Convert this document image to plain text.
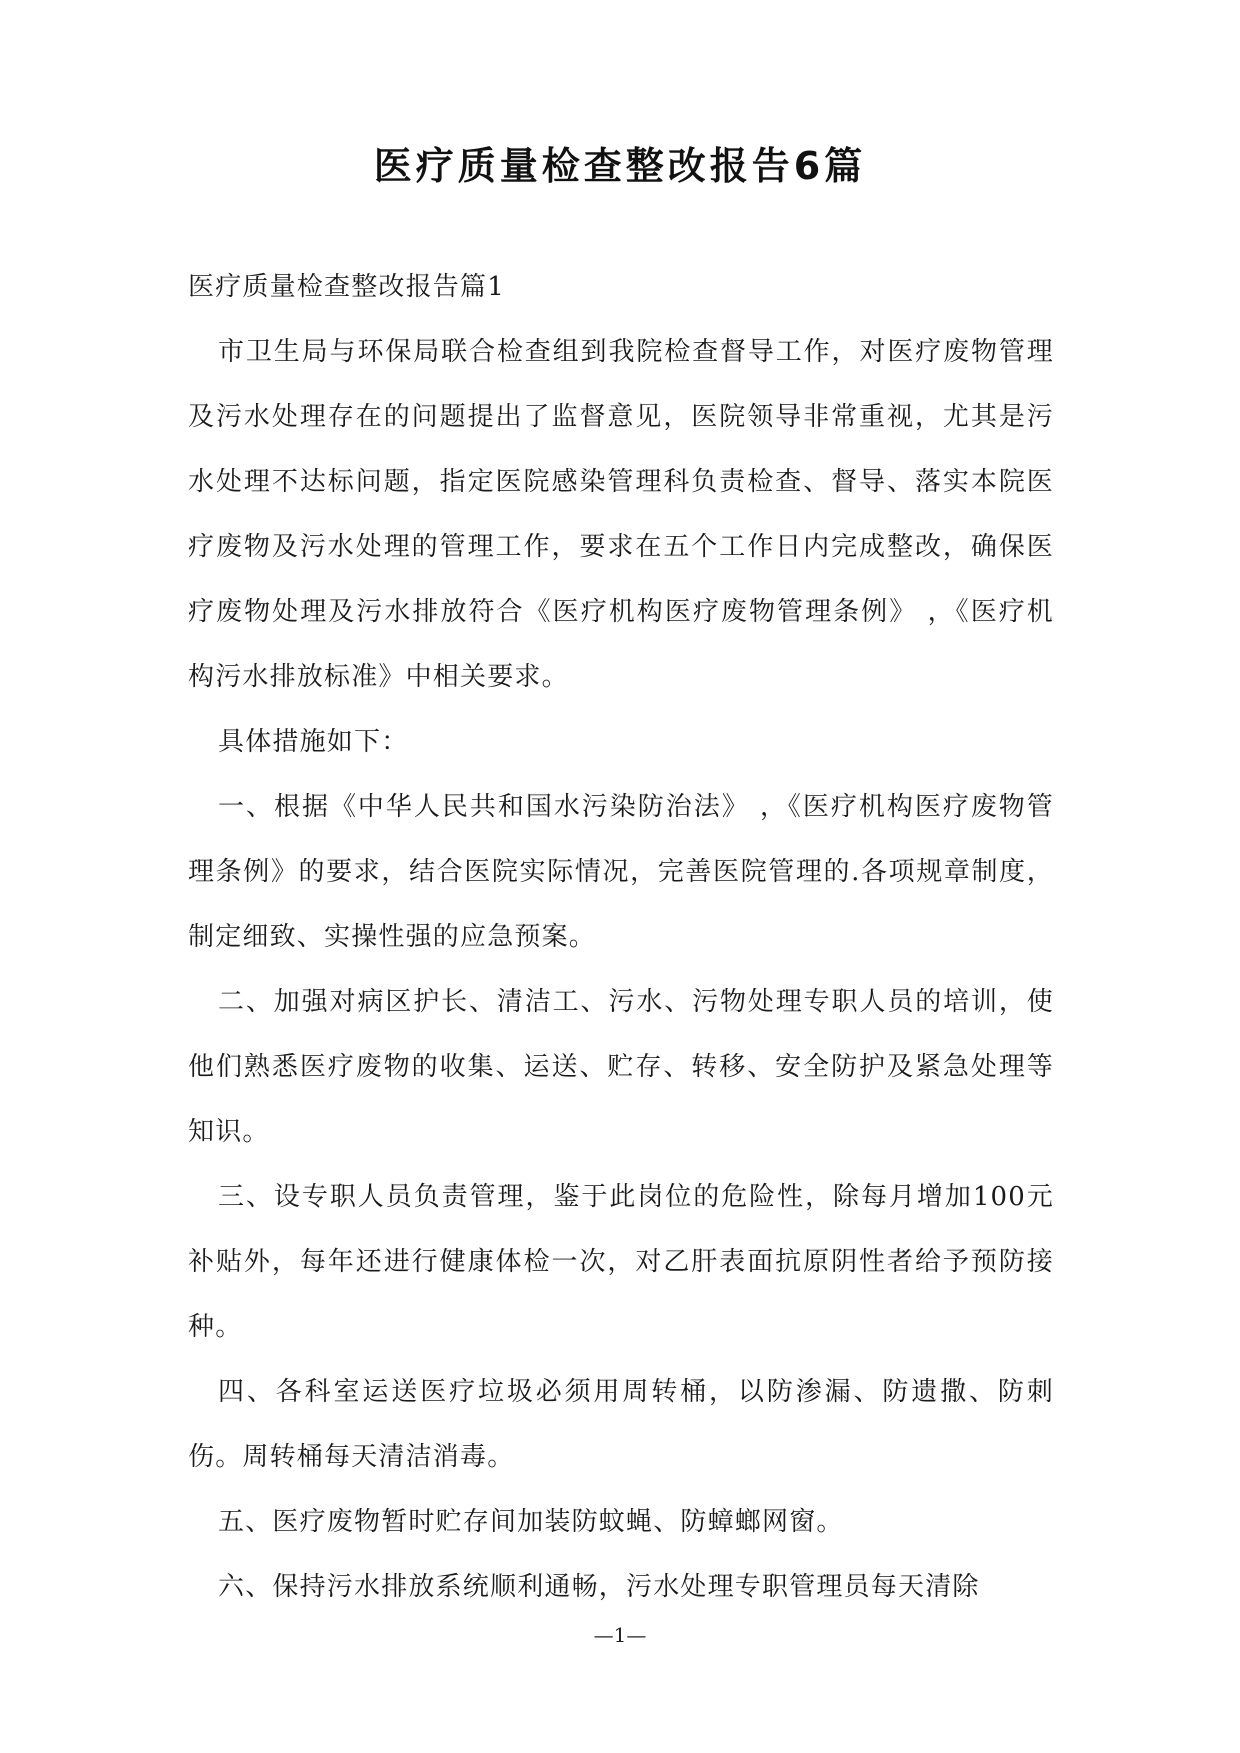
医疗质量检查整改报告6篇

医疗质量检查整改报告篇1

市卫生局与环保局联合检查组到我院检查督导工作，对医疗废物管理及污水处理存在的问题提出了监督意见，医院领导非常重视，尤其是污水处理不达标问题，指定医院感染管理科负责检查、督导、落实本院医疗废物及污水处理的管理工作，要求在五个工作日内完成整改，确保医疗废物处理及污水排放符合《医疗机构医疗废物管理条例》 ，《医疗机构污水排放标准》中相关要求。

具体措施如下：

一、根据《中华人民共和国水污染防治法》 ，《医疗机构医疗废物管理条例》的要求，结合医院实际情况，完善医院管理的.各项规章制度，制定细致、实操性强的应急预案。

二、加强对病区护长、清洁工、污水、污物处理专职人员的培训，使他们熟悉医疗废物的收集、运送、贮存、转移、安全防护及紧急处理等知识。

三、设专职人员负责管理，鉴于此岗位的危险性，除每月增加100元补贴外，每年还进行健康体检一次，对乙肝表面抗原阴性者给予预防接种。

四、各科室运送医疗垃圾必须用周转桶，以防渗漏、防遗撒、防刺伤。周转桶每天清洁消毒。

五、医疗废物暂时贮存间加装防蚊蝇、防蟑螂网窗。

六、保持污水排放系统顺利通畅，污水处理专职管理员每天清除

—1—
